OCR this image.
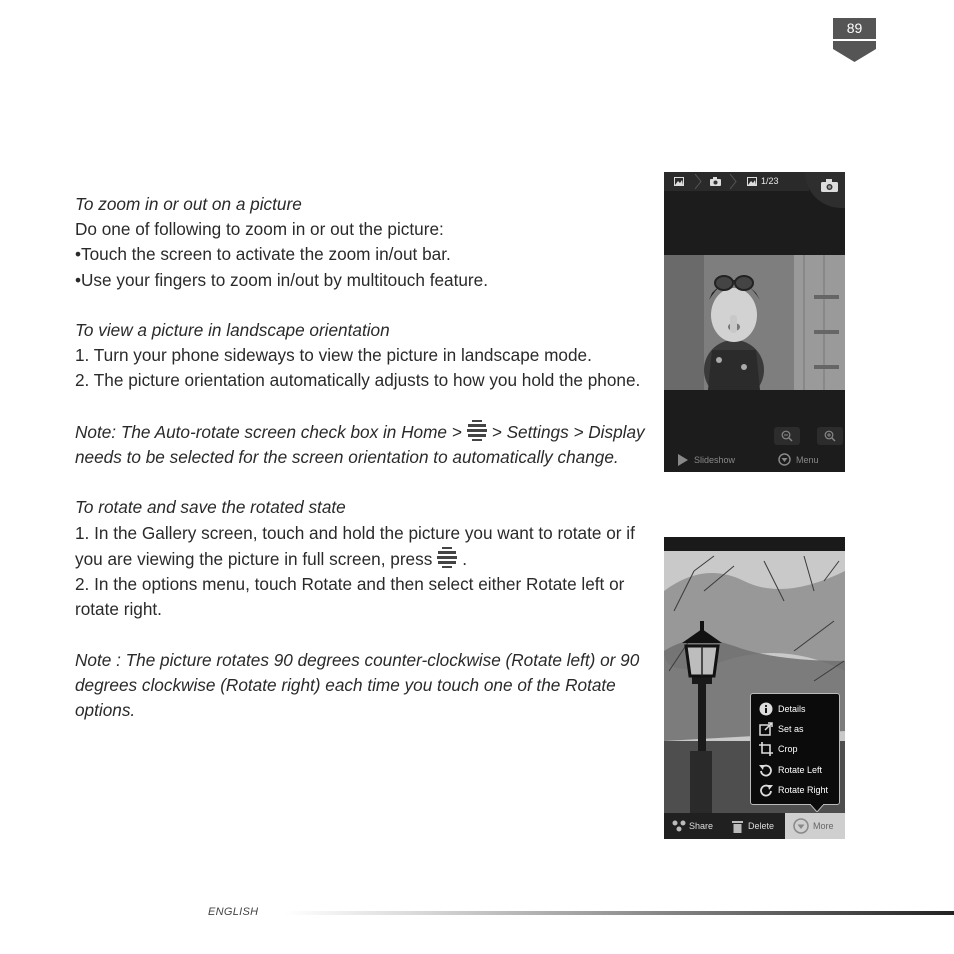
89

To zoom in or out on a picture

Do one of following to zoom in or out the picture:

•Touch the screen to activate the zoom in/out bar.

•Use your fingers to zoom in/out by multitouch feature.

To view a picture in landscape orientation

1. Turn your phone sideways to view the picture in landscape mode.

2. The picture orientation automatically adjusts to how you hold the phone.

Note: The Auto-rotate screen check box in Home > > Settings > Display needs to be selected for the screen orientation to automatically change.

To rotate and save the rotated state

1. In the Gallery screen, touch and hold the picture you want to rotate or if you are viewing the picture in full screen, press .

2. In the options menu, touch Rotate and then select either Rotate left or rotate right.

Note : The picture rotates 90 degrees counter-clockwise (Rotate left) or 90 degrees clockwise (Rotate right) each time you touch one of the Rotate options.

1/23
Slideshow	Menu
Details
Set as
Crop
Rotate Left
Rotate Right
Share	Delete	More
ENGLISH
